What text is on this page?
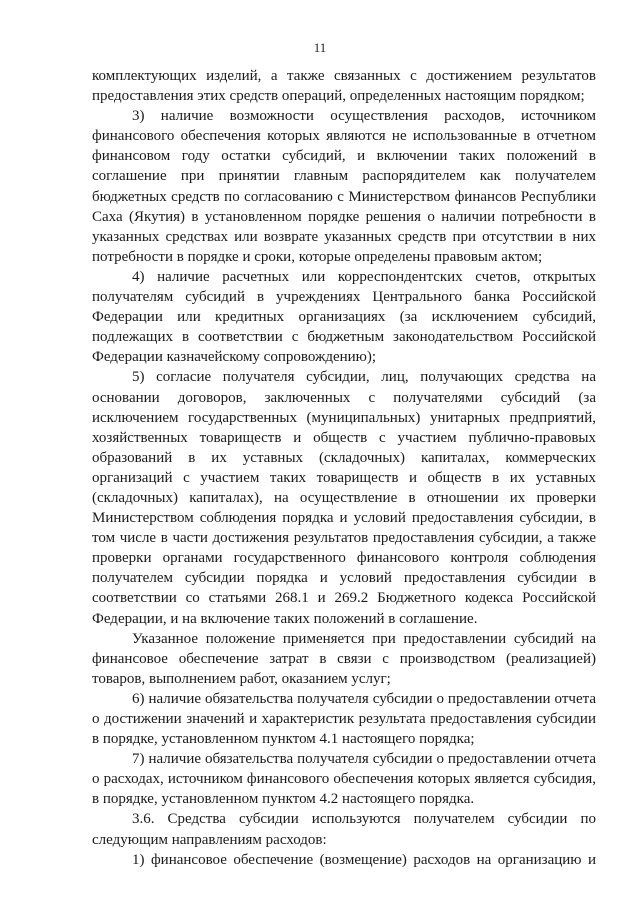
11

комплектующих изделий, а также связанных с достижением результатов предоставления этих средств операций, определенных настоящим порядком;

3) наличие возможности осуществления расходов, источником финансового обеспечения которых являются не использованные в отчетном финансовом году остатки субсидий, и включении таких положений в соглашение при принятии главным распорядителем как получателем бюджетных средств по согласованию с Министерством финансов Республики Саха (Якутия) в установленном порядке решения о наличии потребности в указанных средствах или возврате указанных средств при отсутствии в них потребности в порядке и сроки, которые определены правовым актом;

4) наличие расчетных или корреспондентских счетов, открытых получателям субсидий в учреждениях Центрального банка Российской Федерации или кредитных организациях (за исключением субсидий, подлежащих в соответствии с бюджетным законодательством Российской Федерации казначейскому сопровождению);

5) согласие получателя субсидии, лиц, получающих средства на основании договоров, заключенных с получателями субсидий (за исключением государственных (муниципальных) унитарных предприятий, хозяйственных товариществ и обществ с участием публично-правовых образований в их уставных (складочных) капиталах, коммерческих организаций с участием таких товариществ и обществ в их уставных (складочных) капиталах), на осуществление в отношении их проверки Министерством соблюдения порядка и условий предоставления субсидии, в том числе в части достижения результатов предоставления субсидии, а также проверки органами государственного финансового контроля соблюдения получателем субсидии порядка и условий предоставления субсидии в соответствии со статьями 268.1 и 269.2 Бюджетного кодекса Российской Федерации, и на включение таких положений в соглашение.

Указанное положение применяется при предоставлении субсидий на финансовое обеспечение затрат в связи с производством (реализацией) товаров, выполнением работ, оказанием услуг;

6) наличие обязательства получателя субсидии о предоставлении отчета о достижении значений и характеристик результата предоставления субсидии в порядке, установленном пунктом 4.1 настоящего порядка;

7) наличие обязательства получателя субсидии о предоставлении отчета о расходах, источником финансового обеспечения которых является субсидия, в порядке, установленном пунктом 4.2 настоящего порядка.

3.6. Средства субсидии используются получателем субсидии по следующим направлениям расходов:

1) финансовое обеспечение (возмещение) расходов на организацию и
